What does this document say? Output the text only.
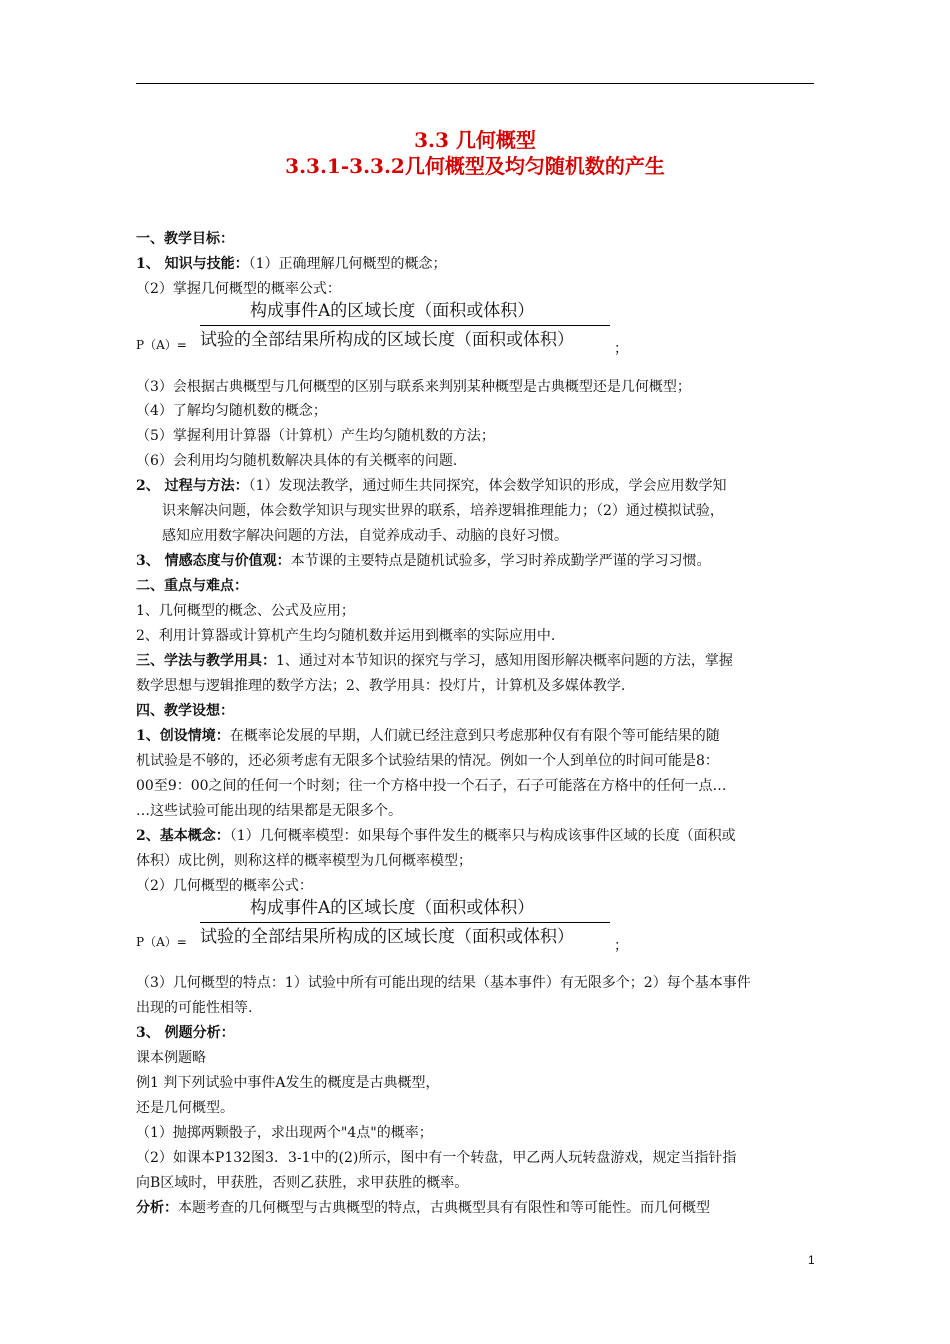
3.3 几何概型
3.3.1-3.3.2几何概型及均匀随机数的产生
一、教学目标：
1、 知识与技能：（1）正确理解几何概型的概念；
（2）掌握几何概型的概率公式：
构成事件A的区域长度（面积或体积）
P（A）= 试验的全部结果所构成的区域长度（面积或体积）	；
（3）会根据古典概型与几何概型的区别与联系来判别某种概型是古典概型还是几何概型；
（4）了解均匀随机数的概念；
（5）掌握利用计算器（计算机）产生均匀随机数的方法；
（6）会利用均匀随机数解决具体的有关概率的问题.
2、 过程与方法：（1）发现法教学，通过师生共同探究，体会数学知识的形成，学会应用数学知
识来解决问题，体会数学知识与现实世界的联系，培养逻辑推理能力；（2）通过模拟试验，
感知应用数字解决问题的方法，自觉养成动手、动脑的良好习惯。
3、 情感态度与价值观：本节课的主要特点是随机试验多，学习时养成勤学严谨的学习习惯。
二、重点与难点：
1、几何概型的概念、公式及应用；
2、利用计算器或计算机产生均匀随机数并运用到概率的实际应用中.
三、学法与教学用具：1、通过对本节知识的探究与学习，感知用图形解决概率问题的方法，掌握
数学思想与逻辑推理的数学方法；2、教学用具：投灯片，计算机及多媒体教学.
四、教学设想：
1、创设情境：在概率论发展的早期，人们就已经注意到只考虑那种仅有有限个等可能结果的随
机试验是不够的，还必须考虑有无限多个试验结果的情况。例如一个人到单位的时间可能是8：
00至9：00之间的任何一个时刻；往一个方格中投一个石子，石子可能落在方格中的任何一点…
…这些试验可能出现的结果都是无限多个。
2、基本概念：（1）几何概率模型：如果每个事件发生的概率只与构成该事件区域的长度（面积或
体积）成比例，则称这样的概率模型为几何概率模型；
（2）几何概型的概率公式：
构成事件A的区域长度（面积或体积）
P（A）= 试验的全部结果所构成的区域长度（面积或体积）	；
（3）几何概型的特点：1）试验中所有可能出现的结果（基本事件）有无限多个；2）每个基本事件
出现的可能性相等.
3、 例题分析：
课本例题略
例1 判下列试验中事件A发生的概度是古典概型，
还是几何概型。
（1）抛掷两颗骰子，求出现两个"4点"的概率；
（2）如课本P132图3．3-1中的(2)所示，图中有一个转盘，甲乙两人玩转盘游戏，规定当指针指
向B区域时，甲获胜，否则乙获胜，求甲获胜的概率。
分析：本题考查的几何概型与古典概型的特点，古典概型具有有限性和等可能性。而几何概型
1
